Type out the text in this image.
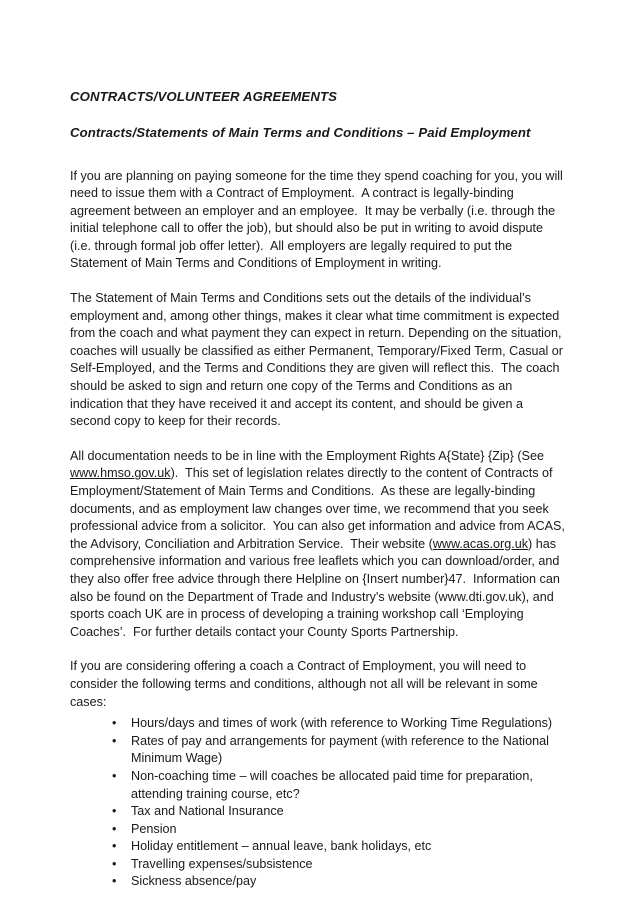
CONTRACTS/VOLUNTEER AGREEMENTS
Contracts/Statements of Main Terms and Conditions – Paid Employment

If you are planning on paying someone for the time they spend coaching for you, you will need to issue them with a Contract of Employment.  A contract is legally-binding agreement between an employer and an employee.  It may be verbally (i.e. through the initial telephone call to offer the job), but should also be put in writing to avoid dispute (i.e. through formal job offer letter).  All employers are legally required to put the Statement of Main Terms and Conditions of Employment in writing.

The Statement of Main Terms and Conditions sets out the details of the individual’s employment and, among other things, makes it clear what time commitment is expected from the coach and what payment they can expect in return. Depending on the situation, coaches will usually be classified as either Permanent, Temporary/Fixed Term, Casual or Self-Employed, and the Terms and Conditions they are given will reflect this.  The coach should be asked to sign and return one copy of the Terms and Conditions as an indication that they have received it and accept its content, and should be given a second copy to keep for their records.

All documentation needs to be in line with the Employment Rights A{State} {Zip} (See www.hmso.gov.uk).  This set of legislation relates directly to the content of Contracts of Employment/Statement of Main Terms and Conditions.  As these are legally-binding documents, and as employment law changes over time, we recommend that you seek professional advice from a solicitor.  You can also get information and advice from ACAS, the Advisory, Conciliation and Arbitration Service.  Their website (www.acas.org.uk) has comprehensive information and various free leaflets which you can download/order, and they also offer free advice through there Helpline on {Insert number}47.  Information can also be found on the Department of Trade and Industry's website (www.dti.gov.uk), and sports coach UK are in process of developing a training workshop call ‘Employing Coaches’.  For further details contact your County Sports Partnership.

If you are considering offering a coach a Contract of Employment, you will need to consider the following terms and conditions, although not all will be relevant in some cases:

• Hours/days and times of work (with reference to Working Time Regulations)
• Rates of pay and arrangements for payment (with reference to the National Minimum Wage)
• Non-coaching time – will coaches be allocated paid time for preparation, attending training course, etc?
• Tax and National Insurance
• Pension
• Holiday entitlement – annual leave, bank holidays, etc
• Travelling expenses/subsistence
• Sickness absence/pay
